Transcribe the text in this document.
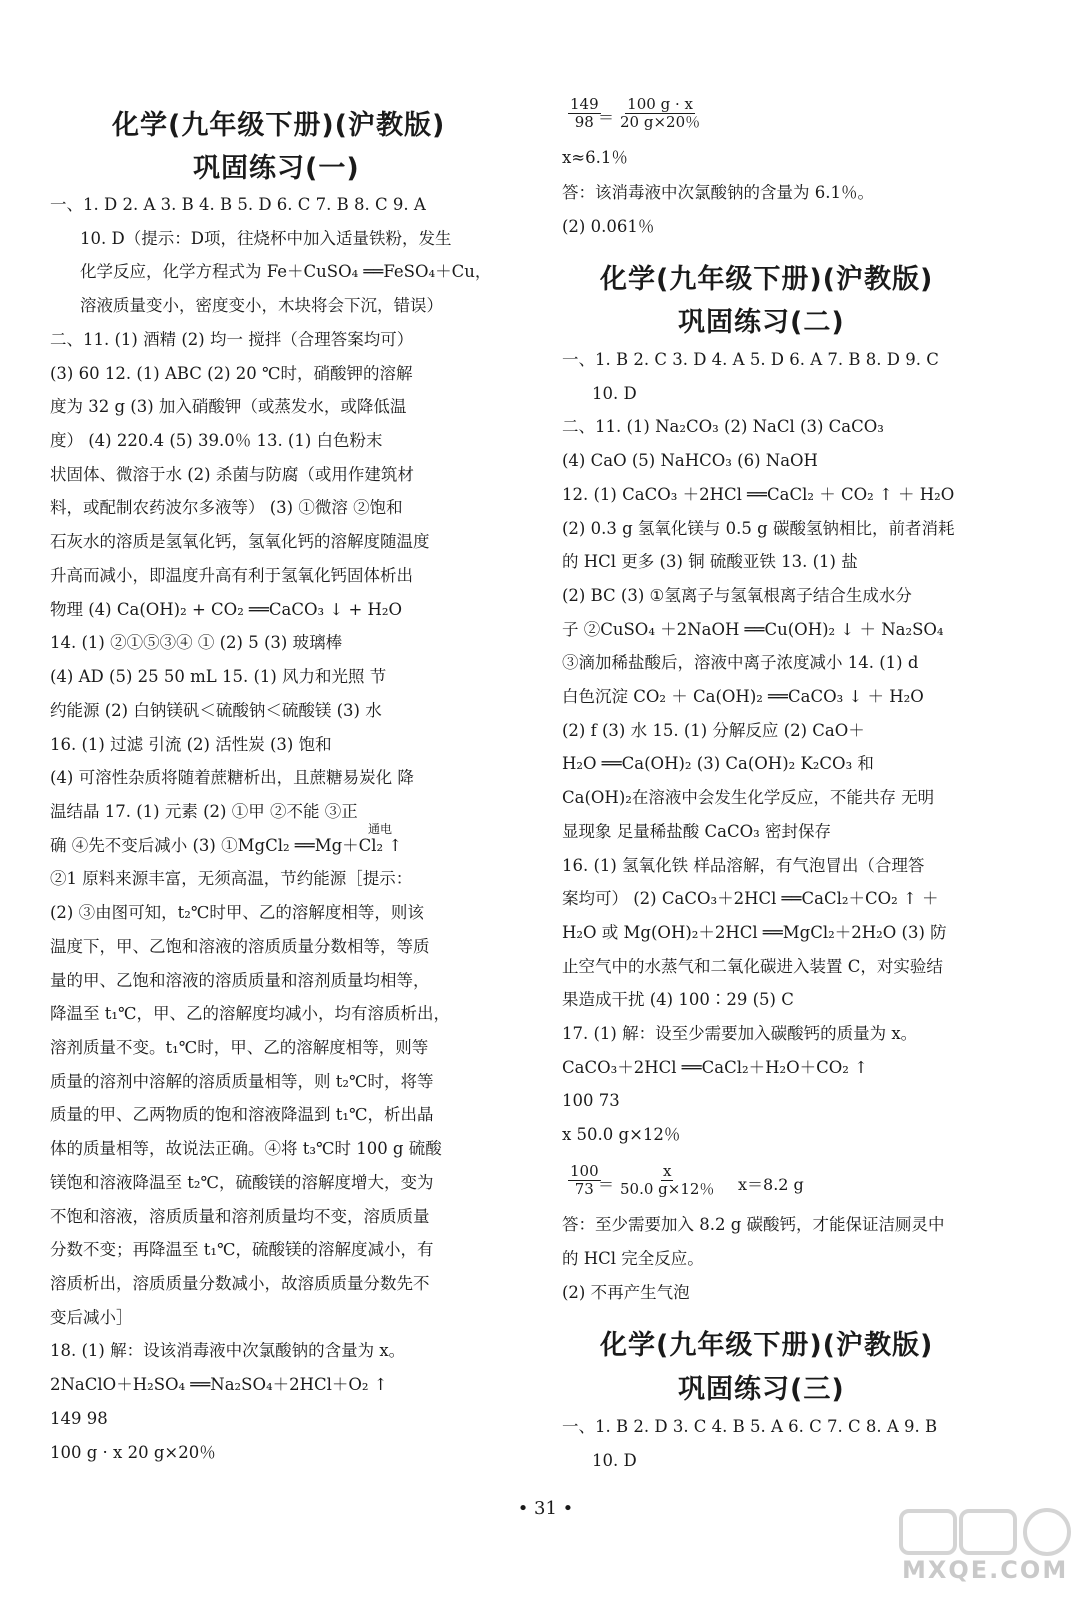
化学(九年级下册)(沪教版)
巩固练习(一)
一、1. D 2. A 3. B 4. B 5. D 6. C 7. B 8. C 9. A
10. D（提示：D项，往烧杯中加入适量铁粉，发生
化学反应，化学方程式为 Fe＋CuSO₄ ══FeSO₄＋Cu，
溶液质量变小，密度变小，木块将会下沉，错误）
二、11. (1) 酒精 (2) 均一 搅拌（合理答案均可）
(3) 60 12. (1) ABC (2) 20 ℃时，硝酸钾的溶解
度为 32 g (3) 加入硝酸钾（或蒸发水，或降低温
度） (4) 220.4 (5) 39.0％ 13. (1) 白色粉末
状固体、微溶于水 (2) 杀菌与防腐（或用作建筑材
料，或配制农药波尔多液等） (3) ①微溶 ②饱和
石灰水的溶质是氢氧化钙，氢氧化钙的溶解度随温度
升高而减小，即温度升高有利于氢氧化钙固体析出
物理 (4) Ca(OH)₂ + CO₂ ══CaCO₃ ↓ + H₂O
14. (1) ②①⑤③④ ① (2) 5 (3) 玻璃棒
(4) AD (5) 25 50 mL 15. (1) 风力和光照 节
约能源 (2) 白钠镁矾＜硫酸钠＜硫酸镁 (3) 水
16. (1) 过滤 引流 (2) 活性炭 (3) 饱和
(4) 可溶性杂质将随着蔗糖析出，且蔗糖易炭化 降
温结晶 17. (1) 元素 (2) ①甲 ②不能 ③正
确 ④先不变后减小 (3) ①MgCl₂ ══Mg＋Cl₂ ↑
②1 原料来源丰富，无须高温，节约能源［提示：
(2) ③由图可知，t₂℃时甲、乙的溶解度相等，则该
温度下，甲、乙饱和溶液的溶质质量分数相等，等质
量的甲、乙饱和溶液的溶质质量和溶剂质量均相等，
降温至 t₁℃，甲、乙的溶解度均减小，均有溶质析出，
溶剂质量不变。t₁℃时，甲、乙的溶解度相等，则等
质量的溶剂中溶解的溶质质量相等，则 t₂℃时，将等
质量的甲、乙两物质的饱和溶液降温到 t₁℃，析出晶
体的质量相等，故说法正确。④将 t₃℃时 100 g 硫酸
镁饱和溶液降温至 t₂℃，硫酸镁的溶解度增大，变为
不饱和溶液，溶质质量和溶剂质量均不变，溶质质量
分数不变；再降温至 t₁℃，硫酸镁的溶解度减小，有
溶质析出，溶质质量分数减小，故溶质质量分数先不
变后减小］
18. (1) 解：设该消毒液中次氯酸钠的含量为 x。
2NaClO＋H₂SO₄ ══Na₂SO₄＋2HCl＋O₂ ↑
149 98
100 g · x 20 g×20％
通电
$\frac{149}{98}$
＝ $\frac{100 g \cdot x}{20 g\times 20\%}$
x≈6.1％
答：该消毒液中次氯酸钠的含量为 6.1％。
(2) 0.061％
化学(九年级下册)(沪教版)
巩固练习(二)
一、1. B 2. C 3. D 4. A 5. D 6. A 7. B 8. D 9. C
10. D
二、11. (1) Na₂CO₃ (2) NaCl (3) CaCO₃
(4) CaO (5) NaHCO₃ (6) NaOH
12. (1) CaCO₃ ＋2HCl ══CaCl₂ ＋ CO₂ ↑ ＋ H₂O
(2) 0.3 g 氢氧化镁与 0.5 g 碳酸氢钠相比，前者消耗
的 HCl 更多 (3) 铜 硫酸亚铁 13. (1) 盐
(2) BC (3) ①氢离子与氢氧根离子结合生成水分
子 ②CuSO₄ ＋2NaOH ══Cu(OH)₂ ↓ ＋ Na₂SO₄
③滴加稀盐酸后，溶液中离子浓度减小 14. (1) d
白色沉淀 CO₂ ＋ Ca(OH)₂ ══CaCO₃ ↓ ＋ H₂O
(2) f (3) 水 15. (1) 分解反应 (2) CaO＋
H₂O ══Ca(OH)₂ (3) Ca(OH)₂ K₂CO₃ 和
Ca(OH)₂在溶液中会发生化学反应，不能共存 无明
显现象 足量稀盐酸 CaCO₃ 密封保存
16. (1) 氢氧化铁 样品溶解，有气泡冒出（合理答
案均可） (2) CaCO₃＋2HCl ══CaCl₂＋CO₂ ↑ ＋
H₂O 或 Mg(OH)₂＋2HCl ══MgCl₂＋2H₂O (3) 防
止空气中的水蒸气和二氧化碳进入装置 C，对实验结
果造成干扰 (4) 100∶29 (5) C
17. (1) 解：设至少需要加入碳酸钙的质量为 x。
CaCO₃＋2HCl ══CaCl₂＋H₂O＋CO₂ ↑
100 73
x 50.0 g×12％
$\frac{100}{73}$
＝ $\frac{x}{50.0 g\times 12\%} x=8.2$ g
答：至少需要加入 8.2 g 碳酸钙，才能保证洁厕灵中
的 HCl 完全反应。
(2) 不再产生气泡
化学(九年级下册)(沪教版)
巩固练习(三)
一、1. B 2. D 3. C 4. B 5. A 6. C 7. C 8. A 9. B
10. D
• 31 •
MXQE.COM
